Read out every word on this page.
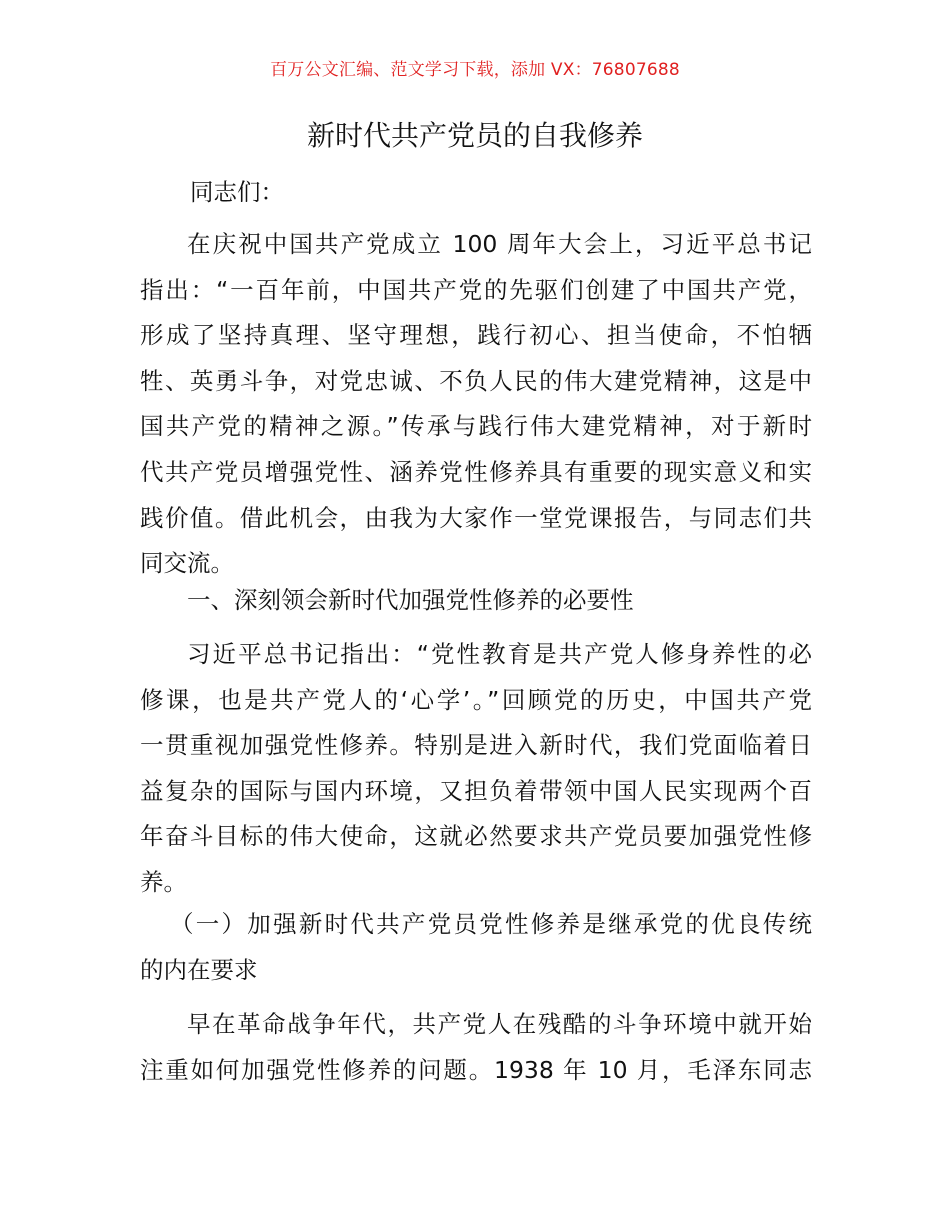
百万公文汇编、范文学习下载，添加 VX：76807688
新时代共产党员的自我修养
同志们：
在庆祝中国共产党成立 100 周年大会上，习近平总书记
指出：“一百年前，中国共产党的先驱们创建了中国共产党，
形成了坚持真理、坚守理想，践行初心、担当使命，不怕牺
牲、英勇斗争，对党忠诚、不负人民的伟大建党精神，这是中
国共产党的精神之源。”传承与践行伟大建党精神，对于新时
代共产党员增强党性、涵养党性修养具有重要的现实意义和实
践价值。借此机会，由我为大家作一堂党课报告，与同志们共
同交流。
一、深刻领会新时代加强党性修养的必要性
习近平总书记指出：“党性教育是共产党人修身养性的必
修课，也是共产党人的‘心学’。”回顾党的历史，中国共产党
一贯重视加强党性修养。特别是进入新时代，我们党面临着日
益复杂的国际与国内环境，又担负着带领中国人民实现两个百
年奋斗目标的伟大使命，这就必然要求共产党员要加强党性修
养。
（一）加强新时代共产党员党性修养是继承党的优良传统
的内在要求
早在革命战争年代，共产党人在残酷的斗争环境中就开始
注重如何加强党性修养的问题。1938 年 10 月，毛泽东同志
